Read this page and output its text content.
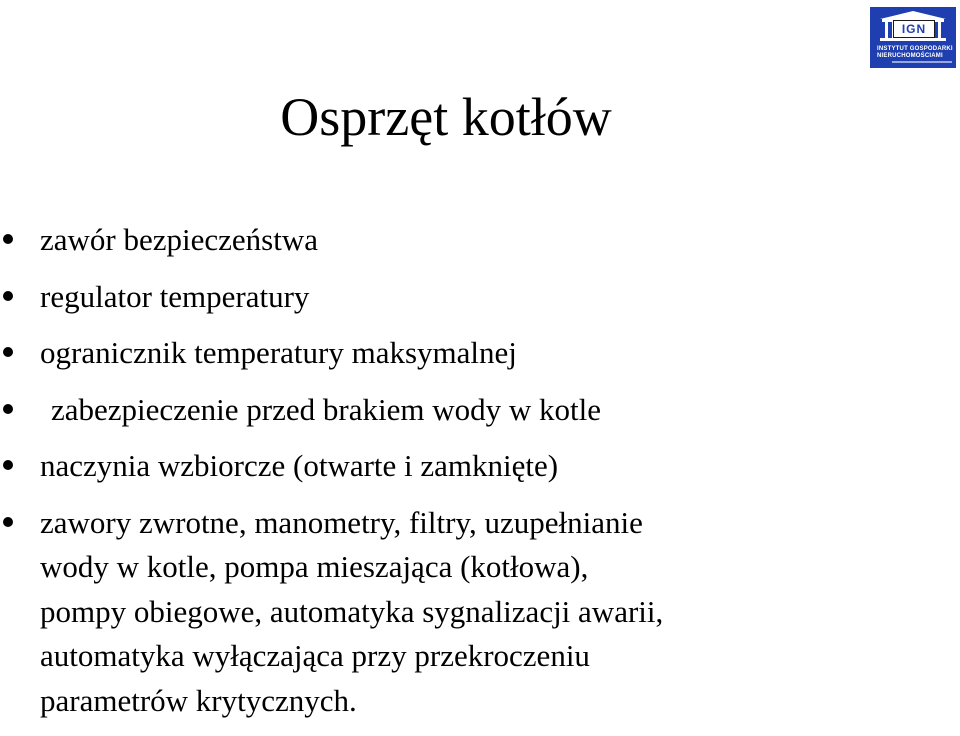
IGN
INSTYTUT GOSPODARKI
NIERUCHOMOŚCIAMI
Osprzęt kotłów
zawór bezpieczeństwa
regulator temperatury
ogranicznik temperatury maksymalnej
zabezpieczenie przed brakiem wody w kotle
naczynia wzbiorcze (otwarte i zamknięte)
zawory zwrotne, manometry, filtry, uzupełnianie
wody w kotle, pompa mieszająca (kotłowa),
pompy obiegowe, automatyka sygnalizacji awarii,
automatyka wyłączająca przy przekroczeniu
parametrów krytycznych.
